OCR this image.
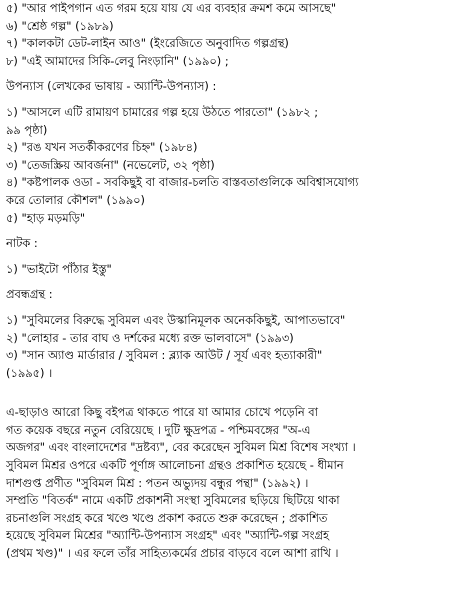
৫) "আর পাইপগান এত গরম হয়ে যায় যে এর ব্যবহার ক্রমশ কমে আসছে"
৬) "শ্রেষ্ঠ গল্প" (১৯৮৯)
৭) "কালকটা ডেট-লাইন আও" (ইংরেজিতে অনুবাদিত গল্পগ্রন্থ)
৮) "এই আমাদের সিকি-লেবু নিংড়ানি" (১৯৯০) ;
উপন্যাস (লেখকের ভাষায় - অ্যান্টি-উপন্যাস) :
১) "আসলে এটি রামায়ণ চামারের গল্প হয়ে উঠতে পারতো" (১৯৮২ ;
৯৯ পৃষ্ঠা)
২) "রঙ যখন সতর্কীকরণের চিহ্ন" (১৯৮৪)
৩) "তেজস্ক্রিয় আবর্জনা" (নভেলেট, ৩২ পৃষ্ঠা)
৪) "কষ্টপালক ওডা - সবকিছুই বা বাজার-চলতি বাস্তবতাগুলিকে অবিশ্বাসযোগ্য
করে তোলার কৌশল" (১৯৯০)
৫) "হাড় মড়মড়ি"
নাটক :
১) "ভাইটো পাঁঠার ইস্তু"
প্রবন্ধগ্রন্থ :
১) "সুবিমলের বিরুদ্ধে সুবিমল এবং উস্কানিমূলক অনেককিছুই, আপাতভাবে"
২) "লোহার - তার বাঘ ও দর্শকের মধ্যে রক্ত ভালবাসে" (১৯৯৩)
৩) "সান অ্যাণ্ড মার্ডারার / সুবিমল : ব্ল্যাক আউট / সূর্য এবং হত্যাকারী"
(১৯৯৫) ।
এ-ছাড়াও আরো কিছু বইপত্র থাকতে পারে যা আমার চোখে পড়েনি বা
গত কয়েক বছরে নতুন বেরিয়েছে । দুটি ক্ষুদ্রপত্র - পশ্চিমবঙ্গের "অ-এ
অজগর" এবং বাংলাদেশের "দ্রষ্টব্য", বের করেছেন সুবিমল মিশ্র বিশেষ সংখ্যা ।
সুবিমল মিশ্রর ওপরে একটি পূর্ণাঙ্গ আলোচনা গ্রন্থও প্রকাশিত হয়েছে - ধীমান
দাশগুপ্ত প্রণীত "সুবিমল মিশ্র : পতন অভ্যুদয় বন্ধুর পন্থা" (১৯৯২) ।
সম্প্রতি "বিতর্ক" নামে একটি প্রকাশনী সংস্থা সুবিমলের ছড়িয়ে ছিটিয়ে থাকা
রচনাগুলি সংগ্রহ করে খণ্ডে খণ্ডে প্রকাশ করতে শুরু করেছেন ; প্রকাশিত
হয়েছে সুবিমল মিশ্রের "অ্যান্টি-উপন্যাস সংগ্রহ" এবং "অ্যান্টি-গল্প সংগ্রহ
(প্রথম খণ্ড)" । এর ফলে তাঁর সাহিত্যকর্মের প্রচার বাড়বে বলে আশা রাখি ।
